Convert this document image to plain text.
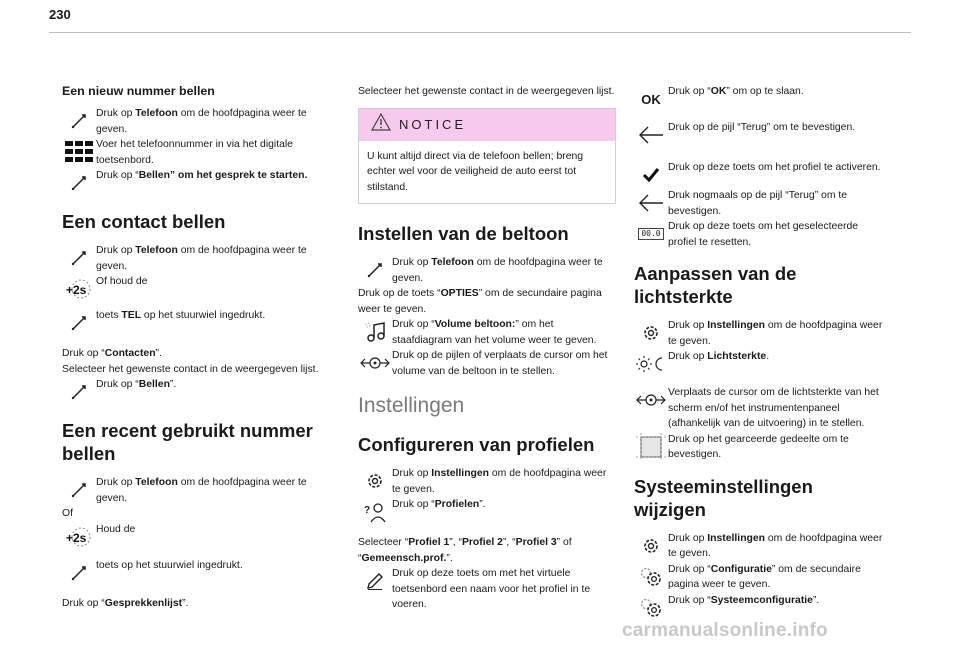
230
Een nieuw nummer bellen
Druk op Telefoon om de hoofdpagina weer te geven.
Voer het telefoonnummer in via het digitale toetsenbord.
Druk op “Bellen” om het gesprek te starten.
Een contact bellen
Druk op Telefoon om de hoofdpagina weer te geven.
+2s
Of houd de
toets TEL op het stuurwiel ingedrukt.

Druk op “Contacten”.

Selecteer het gewenste contact in de weergegeven lijst.

Druk op “Bellen”.
Een recent gebruikt nummer bellen
Druk op Telefoon om de hoofdpagina weer te geven.

Of

+2s
Houd de
toets op het stuurwiel ingedrukt.

Druk op “Gesprekkenlijst”.

Selecteer het gewenste contact in de weergegeven lijst.

NOTICE
U kunt altijd direct via de telefoon bellen; breng echter wel voor de veiligheid de auto eerst tot stilstand.
Instellen van de beltoon
Druk op Telefoon om de hoofdpagina weer te geven.

Druk op de toets “OPTIES” om de secundaire pagina weer te geven.

Druk op “Volume beltoon:” om het staafdiagram van het volume weer te geven.
Druk op de pijlen of verplaats de cursor om het volume van de beltoon in te stellen.
Instellingen
Configureren van profielen
Druk op Instellingen om de hoofdpagina weer te geven.
?
Druk op “Profielen”.

Selecteer “Profiel 1”, “Profiel 2”, “Profiel 3” of “Gemeensch.prof.”.

Druk op deze toets om met het virtuele toetsenbord een naam voor het profiel in te voeren.
OK Druk op “OK” om op te slaan.
Druk op de pijl “Terug” om te bevestigen.
Druk op deze toets om het profiel te activeren.
Druk nogmaals op de pijl “Terug” om te bevestigen.
00.0
Druk op deze toets om het geselecteerde profiel te resetten.
Aanpassen van de lichtsterkte
Druk op Instellingen om de hoofdpagina weer te geven.
Druk op Lichtsterkte.
Verplaats de cursor om de lichtsterkte van het scherm en/of het instrumentenpaneel (afhankelijk van de uitvoering) in te stellen.
Druk op het gearceerde gedeelte om te bevestigen.
Systeeminstellingen wijzigen
Druk op Instellingen om de hoofdpagina weer te geven.
Druk op “Configuratie” om de secundaire pagina weer te geven.
Druk op “Systeemconfiguratie”.
carmanualsonline.info
